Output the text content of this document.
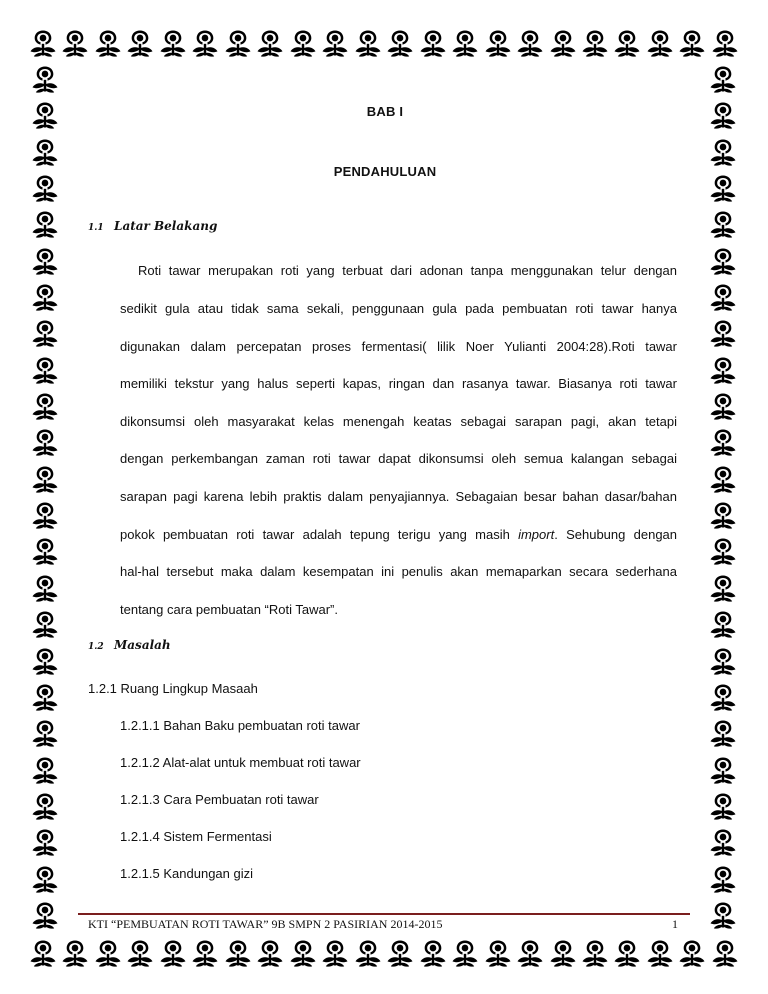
BAB I
PENDAHULUAN
1.1 Latar Belakang
Roti tawar merupakan roti yang terbuat dari adonan tanpa menggunakan telur dengan
sedikit gula atau tidak sama sekali, penggunaan gula pada pembuatan roti tawar hanya
digunakan dalam percepatan proses fermentasi( lilik Noer Yulianti 2004:28).Roti tawar
memiliki tekstur yang halus seperti kapas, ringan dan rasanya tawar. Biasanya roti tawar
dikonsumsi oleh masyarakat kelas menengah keatas sebagai sarapan pagi, akan tetapi
dengan perkembangan zaman roti tawar dapat dikonsumsi oleh semua kalangan sebagai
sarapan pagi karena lebih praktis dalam penyajiannya. Sebagaian besar bahan dasar/bahan
pokok pembuatan roti tawar adalah tepung terigu yang masih import. Sehubung dengan
hal-hal tersebut maka dalam kesempatan ini penulis akan memaparkan secara sederhana
tentang cara pembuatan “Roti Tawar”.
1.2 Masalah
1.2.1 Ruang Lingkup Masaah
1.2.1.1 Bahan Baku pembuatan roti tawar
1.2.1.2 Alat-alat untuk membuat roti tawar
1.2.1.3 Cara Pembuatan roti tawar
1.2.1.4 Sistem Fermentasi
1.2.1.5 Kandungan gizi
KTI “PEMBUATAN ROTI TAWAR” 9B SMPN 2 PASIRIAN 2014-2015	1
